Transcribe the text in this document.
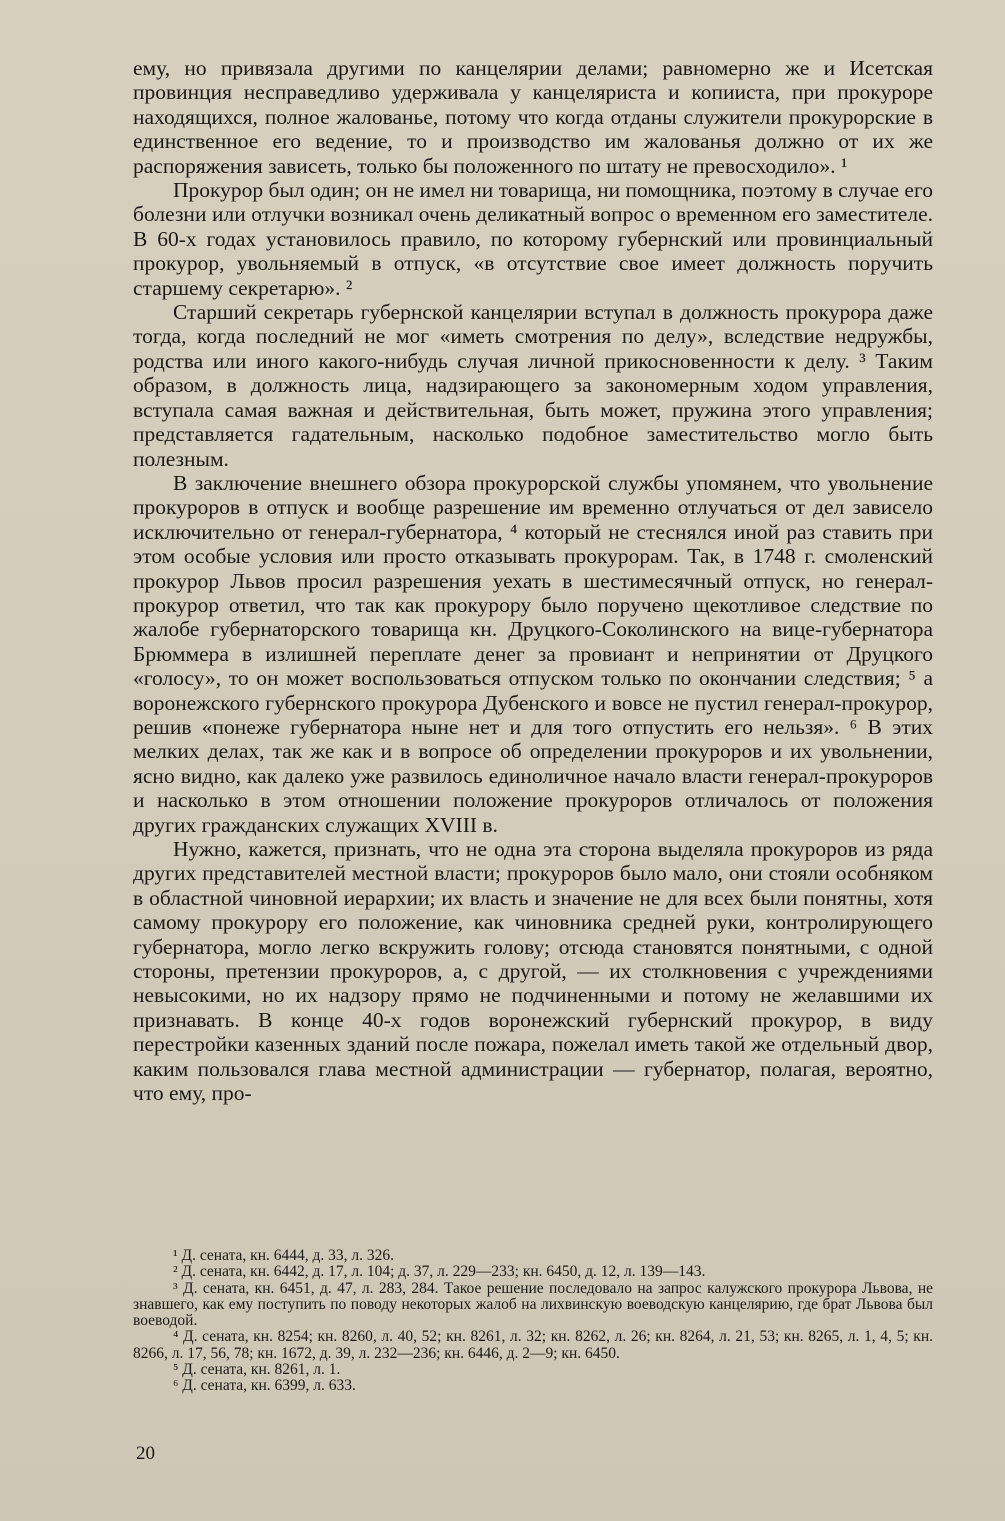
ему, но привязала другими по канцелярии делами; равномерно же и Исетская провинция несправедливо удерживала у канцеляриста и копииста, при прокуроре находящихся, полное жалованье, потому что когда отданы служители прокурорские в единственное его ведение, то и производство им жалованья должно от их же распоряжения зависеть, только бы положенного по штату не превосходило». ¹

Прокурор был один; он не имел ни товарища, ни помощника, поэтому в случае его болезни или отлучки возникал очень деликатный вопрос о временном его заместителе. В 60-х годах установилось правило, по которому губернский или провинциальный прокурор, увольняемый в отпуск, «в отсутствие свое имеет должность поручить старшему секретарю». ²

Старший секретарь губернской канцелярии вступал в должность прокурора даже тогда, когда последний не мог «иметь смотрения по делу», вследствие недружбы, родства или иного какого-нибудь случая личной прикосновенности к делу. ³ Таким образом, в должность лица, надзирающего за закономерным ходом управления, вступала самая важная и действительная, быть может, пружина этого управления; представляется гадательным, насколько подобное заместительство могло быть полезным.

В заключение внешнего обзора прокурорской службы упомянем, что увольнение прокуроров в отпуск и вообще разрешение им временно отлучаться от дел зависело исключительно от генерал-губернатора, ⁴ который не стеснялся иной раз ставить при этом особые условия или просто отказывать прокурорам. Так, в 1748 г. смоленский прокурор Львов просил разрешения уехать в шестимесячный отпуск, но генерал-прокурор ответил, что так как прокурору было поручено щекотливое следствие по жалобе губернаторского товарища кн. Друцкого-Соколинского на вице-губернатора Брюммера в излишней переплате денег за провиант и непринятии от Друцкого «голосу», то он может воспользоваться отпуском только по окончании следствия; ⁵ а воронежского губернского прокурора Дубенского и вовсе не пустил генерал-прокурор, решив «понеже губернатора ныне нет и для того отпустить его нельзя». ⁶ В этих мелких делах, так же как и в вопросе об определении прокуроров и их увольнении, ясно видно, как далеко уже развилось единоличное начало власти генерал-прокуроров и насколько в этом отношении положение прокуроров отличалось от положения других гражданских служащих XVIII в.

Нужно, кажется, признать, что не одна эта сторона выделяла прокуроров из ряда других представителей местной власти; прокуроров было мало, они стояли особняком в областной чиновной иерархии; их власть и значение не для всех были понятны, хотя самому прокурору его положение, как чиновника средней руки, контролирующего губернатора, могло легко вскружить голову; отсюда становятся понятными, с одной стороны, претензии прокуроров, а, с другой, — их столкновения с учреждениями невысокими, но их надзору прямо не подчиненными и потому не желавшими их признавать. В конце 40-х годов воронежский губернский прокурор, в виду перестройки казенных зданий после пожара, пожелал иметь такой же отдельный двор, каким пользовался глава местной администрации — губернатор, полагая, вероятно, что ему, про-

¹ Д. сената, кн. 6444, д. 33, л. 326.

² Д. сената, кн. 6442, д. 17, л. 104; д. 37, л. 229—233; кн. 6450, д. 12, л. 139—143.

³ Д. сената, кн. 6451, д. 47, л. 283, 284. Такое решение последовало на запрос калужского прокурора Львова, не знавшего, как ему поступить по поводу некоторых жалоб на лихвинскую воеводскую канцелярию, где брат Львова был воеводой.

⁴ Д. сената, кн. 8254; кн. 8260, л. 40, 52; кн. 8261, л. 32; кн. 8262, л. 26; кн. 8264, л. 21, 53; кн. 8265, л. 1, 4, 5; кн. 8266, л. 17, 56, 78; кн. 1672, д. 39, л. 232—236; кн. 6446, д. 2—9; кн. 6450.

⁵ Д. сената, кн. 8261, л. 1.

⁶ Д. сената, кн. 6399, л. 633.

20
